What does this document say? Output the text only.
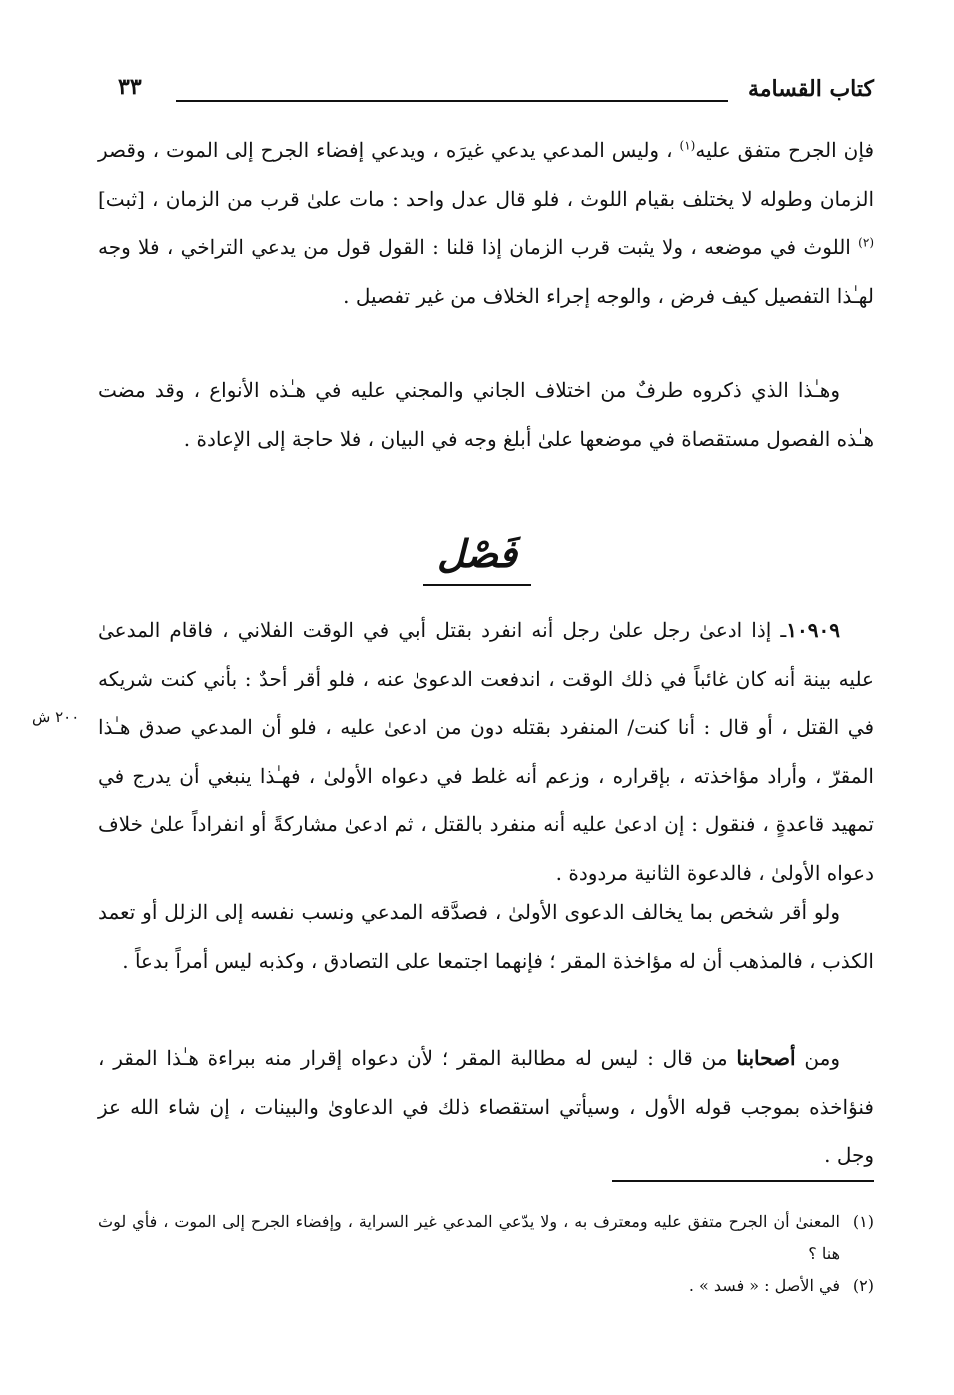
كتاب القسامة
٣٣

فإن الجرح متفق عليه$^{(١)}$ ، وليس المدعي يدعي غيرَه ، ويدعي إفضاء الجرح إلى الموت ، وقصر الزمان وطوله لا يختلف بقيام اللوث ، فلو قال عدل واحد : مات علىٰ قرب من الزمان ، [ثبت]$^{(٢)}$ اللوث في موضعه ، ولا يثبت قرب الزمان إذا قلنا : القول قول من يدعي التراخي ، فلا وجه لهـٰذا التفصيل كيف فرض ، والوجه إجراء الخلاف من غير تفصيل .

وهـٰذا الذي ذكروه طرفٌ من اختلاف الجاني والمجني عليه في هـٰذه الأنواع ، وقد مضت هـٰذه الفصول مستقصاة في موضعها علىٰ أبلغ وجه في البيان ، فلا حاجة إلى الإعادة .

فَصْل

١٠٩٠٩ـ إذا ادعىٰ رجل علىٰ رجل أنه انفرد بقتل أبي في الوقت الفلاني ، فاقام المدعىٰ عليه بينة أنه كان غائباً في ذلك الوقت ، اندفعت الدعوىٰ عنه ، فلو أقر أحدٌ : بأني كنت شريكه في القتل ، أو قال : أنا كنت/ المنفرد بقتله دون من ادعىٰ عليه ، فلو أن المدعي صدق هـٰذا المقرّ ، وأراد مؤاخذته ، بإقراره ، وزعم أنه غلط في دعواه الأولىٰ ، فهـٰذا ينبغي أن يدرج في تمهيد قاعدةٍ ، فنقول : إن ادعىٰ عليه أنه منفرد بالقتل ، ثم ادعىٰ مشاركةً أو انفراداً علىٰ خلاف دعواه الأولىٰ ، فالدعوة الثانية مردودة .

٢٠٠ ش

ولو أقر شخص بما يخالف الدعوى الأولىٰ ، فصدَّقه المدعي ونسب نفسه إلى الزلل أو تعمد الكذب ، فالمذهب أن له مؤاخذة المقر ؛ فإنهما اجتمعا على التصادق ، وكذبه ليس أمراً بدعاً .

ومن أصحابنا من قال : ليس له مطالبة المقر ؛ لأن دعواه إقرار منه ببراءة هـٰذا المقر ، فنؤاخذه بموجب قوله الأول ، وسيأتي استقصاء ذلك في الدعاوىٰ والبينات ، إن شاء الله عز وجل .

(١)
المعنىٰ أن الجرح متفق عليه ومعترف به ، ولا يدّعي المدعي غير السراية ، وإفضاء الجرح إلى الموت ، فأي لوث هنا ؟
(٢)
في الأصل : « فسد » .
